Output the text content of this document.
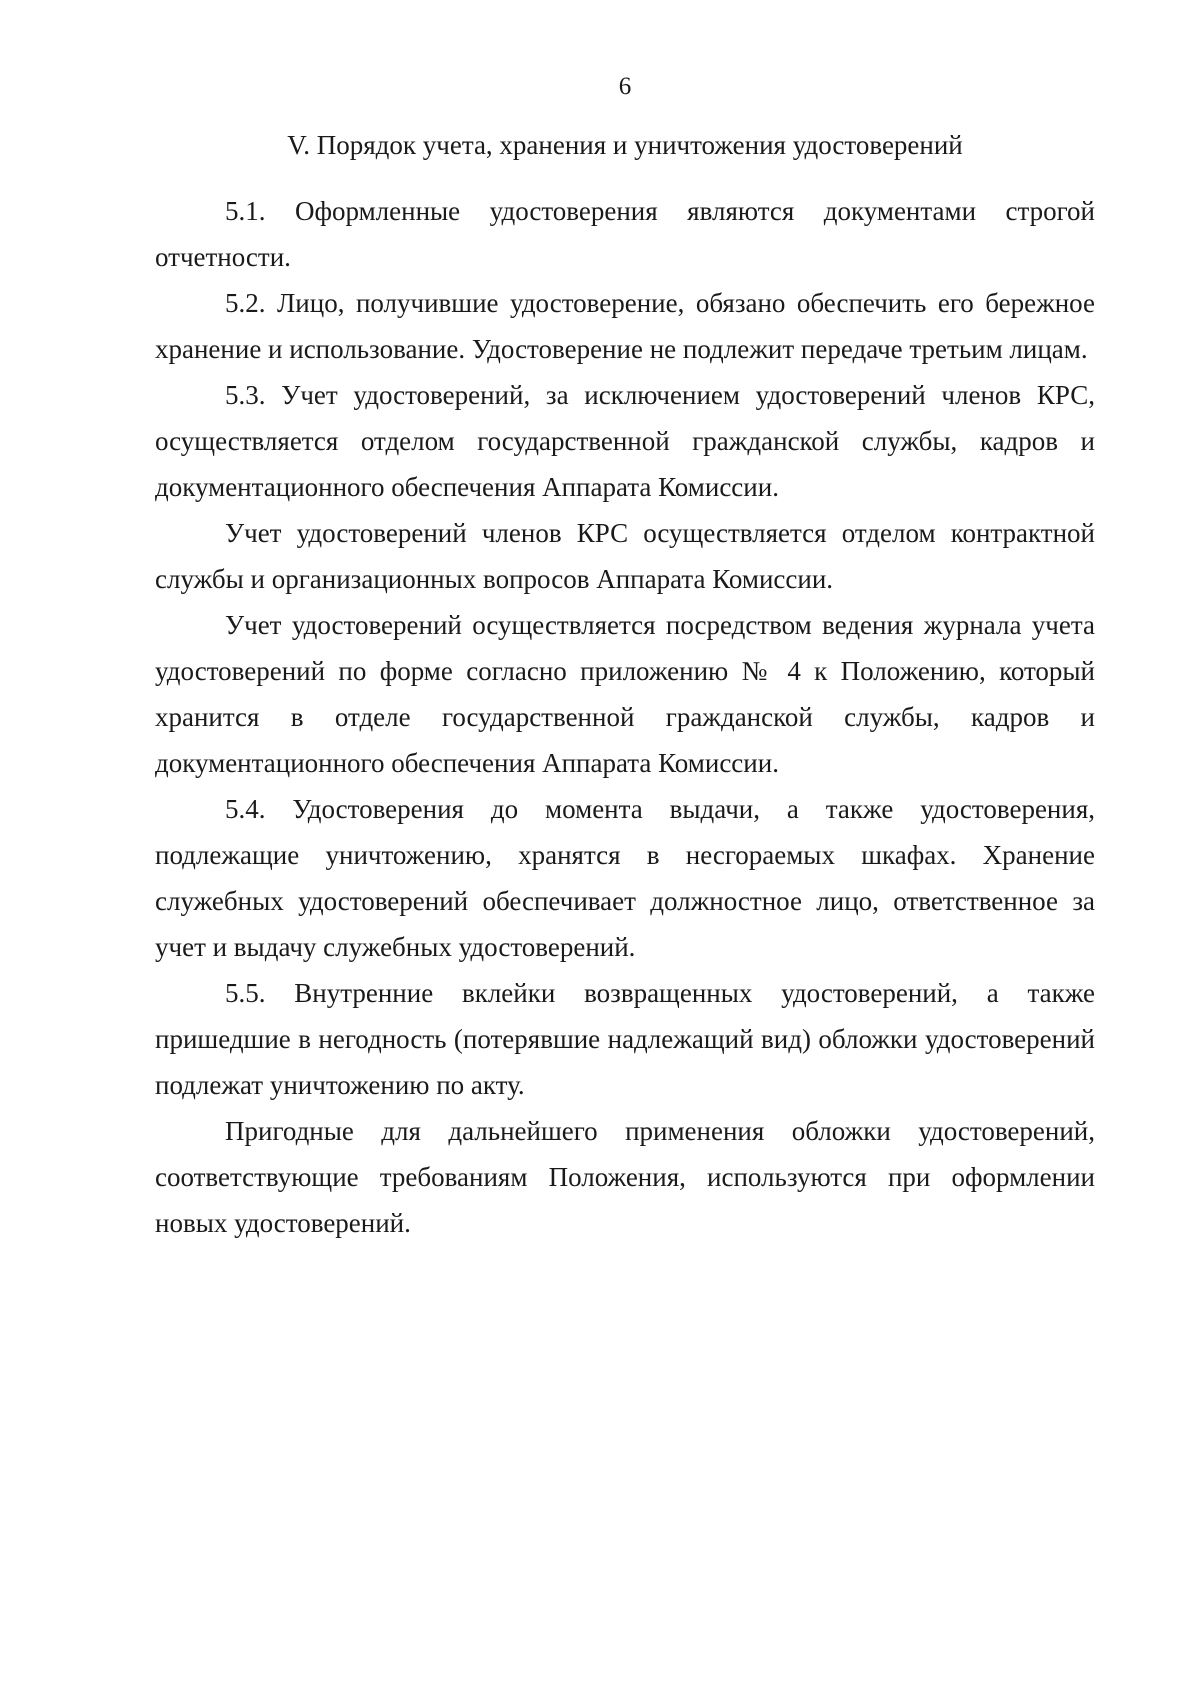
6
V. Порядок учета, хранения и уничтожения удостоверений

5.1. Оформленные удостоверения являются документами строгой отчетности.

5.2. Лицо, получившие удостоверение, обязано обеспечить его бережное хранение и использование. Удостоверение не подлежит передаче третьим лицам.

5.3. Учет удостоверений, за исключением удостоверений членов КРС, осуществляется отделом государственной гражданской службы, кадров и документационного обеспечения Аппарата Комиссии.

Учет удостоверений членов КРС осуществляется отделом контрактной службы и организационных вопросов Аппарата Комиссии.

Учет удостоверений осуществляется посредством ведения журнала учета удостоверений по форме согласно приложению № 4 к Положению, который хранится в отделе государственной гражданской службы, кадров и документационного обеспечения Аппарата Комиссии.

5.4. Удостоверения до момента выдачи, а также удостоверения, подлежащие уничтожению, хранятся в несгораемых шкафах. Хранение служебных удостоверений обеспечивает должностное лицо, ответственное за учет и выдачу служебных удостоверений.

5.5. Внутренние вклейки возвращенных удостоверений, а также пришедшие в негодность (потерявшие надлежащий вид) обложки удостоверений подлежат уничтожению по акту.

Пригодные для дальнейшего применения обложки удостоверений, соответствующие требованиям Положения, используются при оформлении новых удостоверений.
